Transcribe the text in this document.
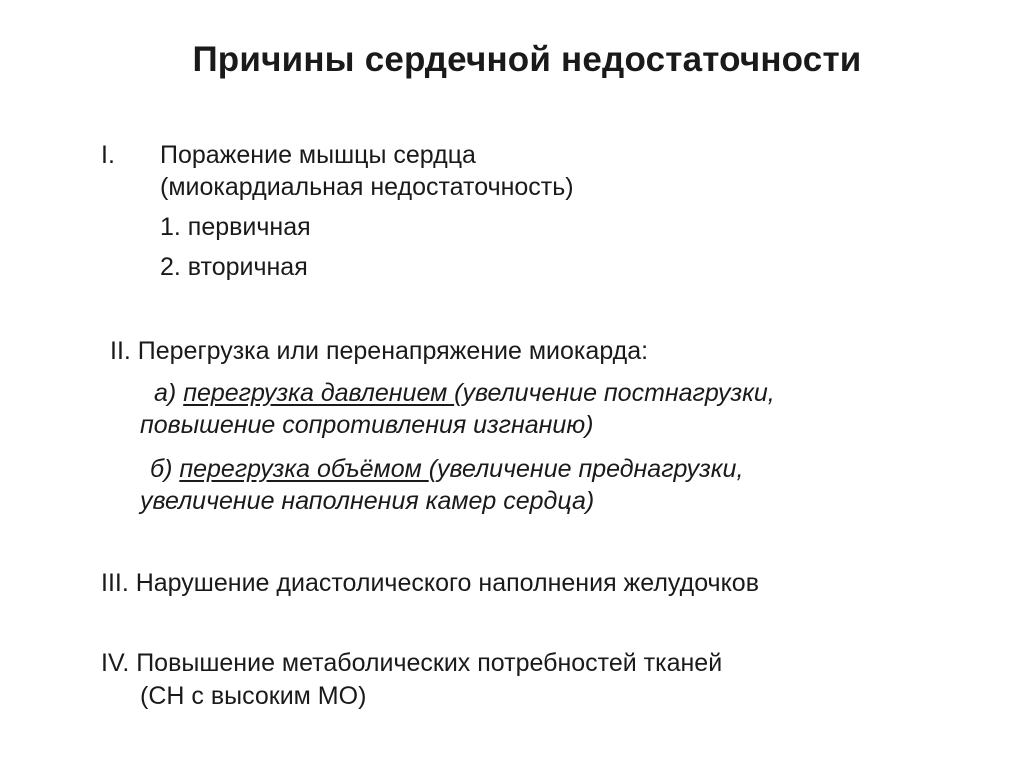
Причины сердечной недостаточности
I. Поражение мышцы сердца
(миокардиальная недостаточность)
1. первичная
2. вторичная
II. Перегрузка или перенапряжение миокарда:
а) перегрузка давлением (увеличение постнагрузки,
повышение сопротивления изгнанию)
б) перегрузка объёмом (увеличение преднагрузки,
увеличение наполнения камер сердца)
III. Нарушение диастолического наполнения желудочков
IV. Повышение метаболических потребностей тканей
(СН с высоким МО)
